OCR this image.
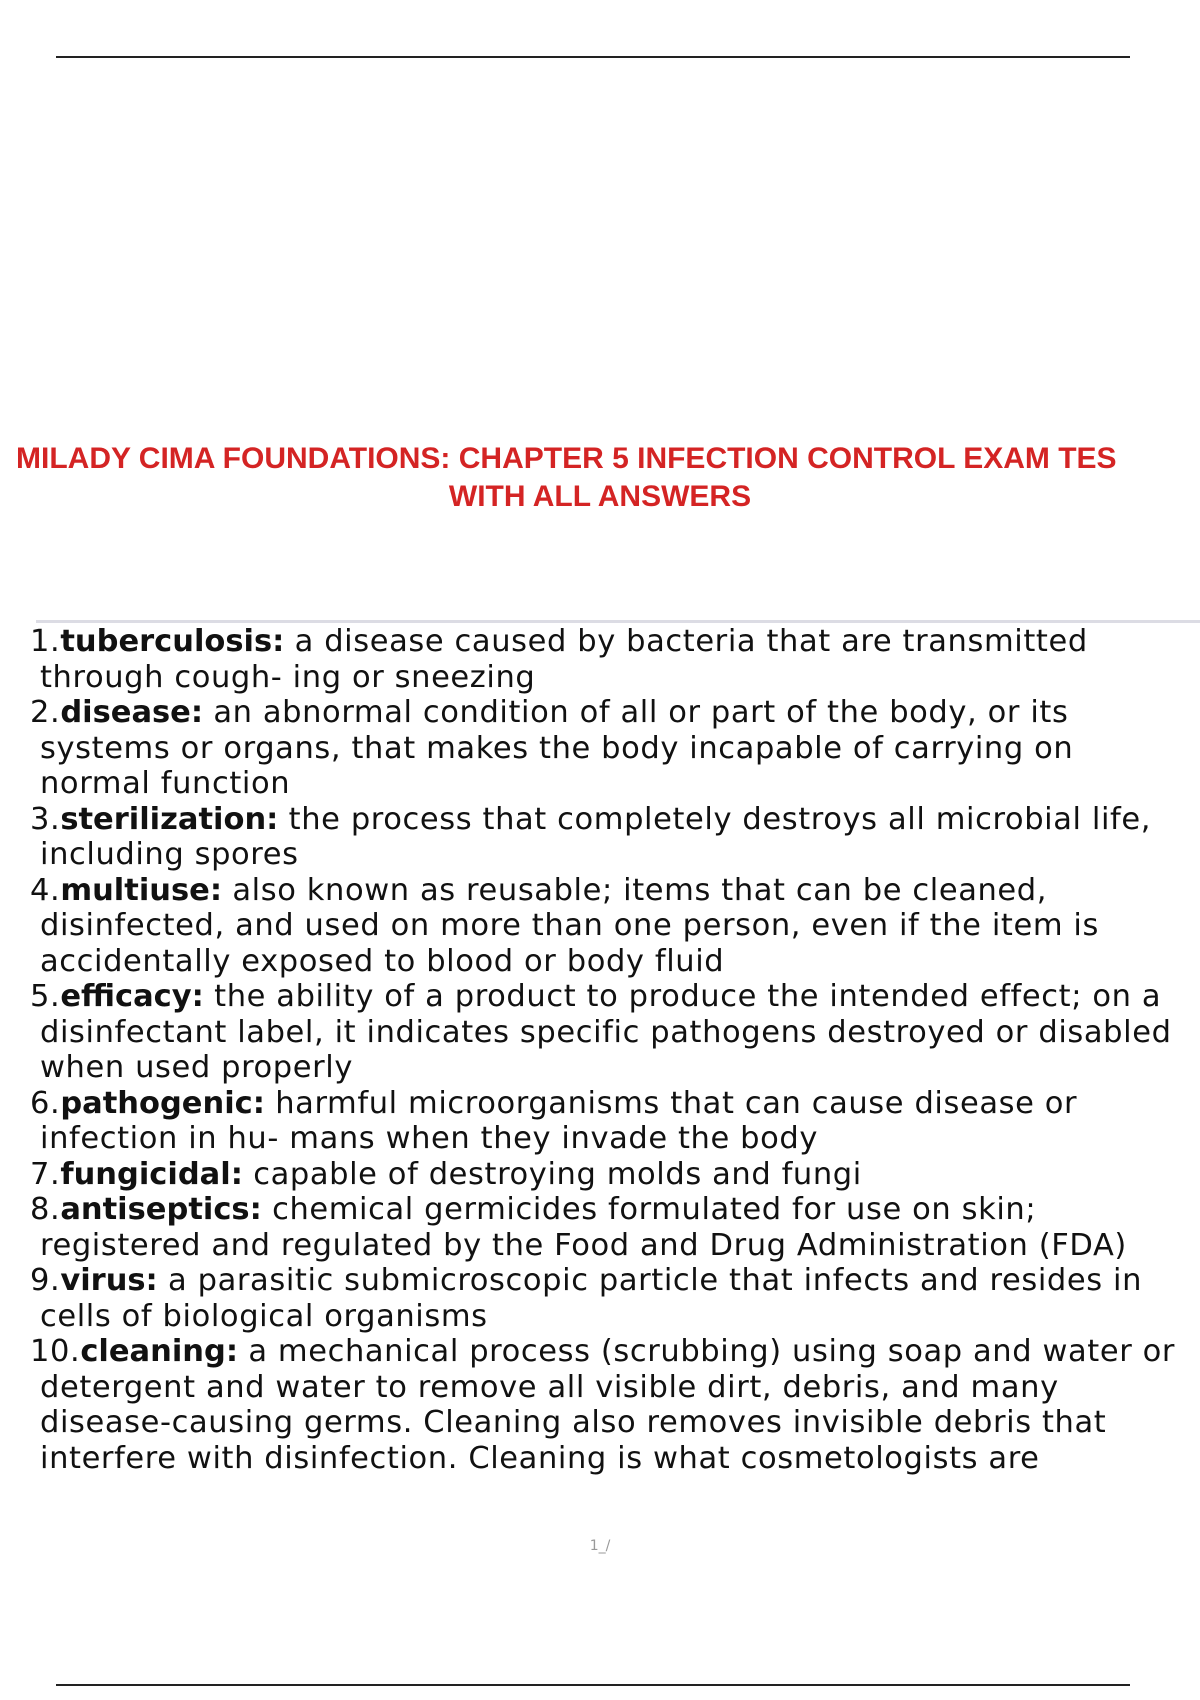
MILADY CIMA FOUNDATIONS: CHAPTER 5 INFECTION CONTROL EXAM TES
WITH ALL ANSWERS
1.tuberculosis: a disease caused by bacteria that are transmitted through cough- ing or sneezing
2.disease: an abnormal condition of all or part of the body, or its systems or organs, that makes the body incapable of carrying on normal function
3.sterilization: the process that completely destroys all microbial life, including spores
4.multiuse: also known as reusable; items that can be cleaned, disinfected, and used on more than one person, even if the item is accidentally exposed to blood or body fluid
5.efficacy: the ability of a product to produce the intended effect; on a disinfectant label, it indicates specific pathogens destroyed or disabled when used properly
6.pathogenic: harmful microorganisms that can cause disease or infection in hu- mans when they invade the body
7.fungicidal: capable of destroying molds and fungi
8.antiseptics: chemical germicides formulated for use on skin; registered and regulated by the Food and Drug Administration (FDA)
9.virus: a parasitic submicroscopic particle that infects and resides in cells of biological organisms
10.cleaning: a mechanical process (scrubbing) using soap and water or detergent and water to remove all visible dirt, debris, and many disease-causing germs. Cleaning also removes invisible debris that interfere with disinfection. Cleaning is what cosmetologists are
1_/
